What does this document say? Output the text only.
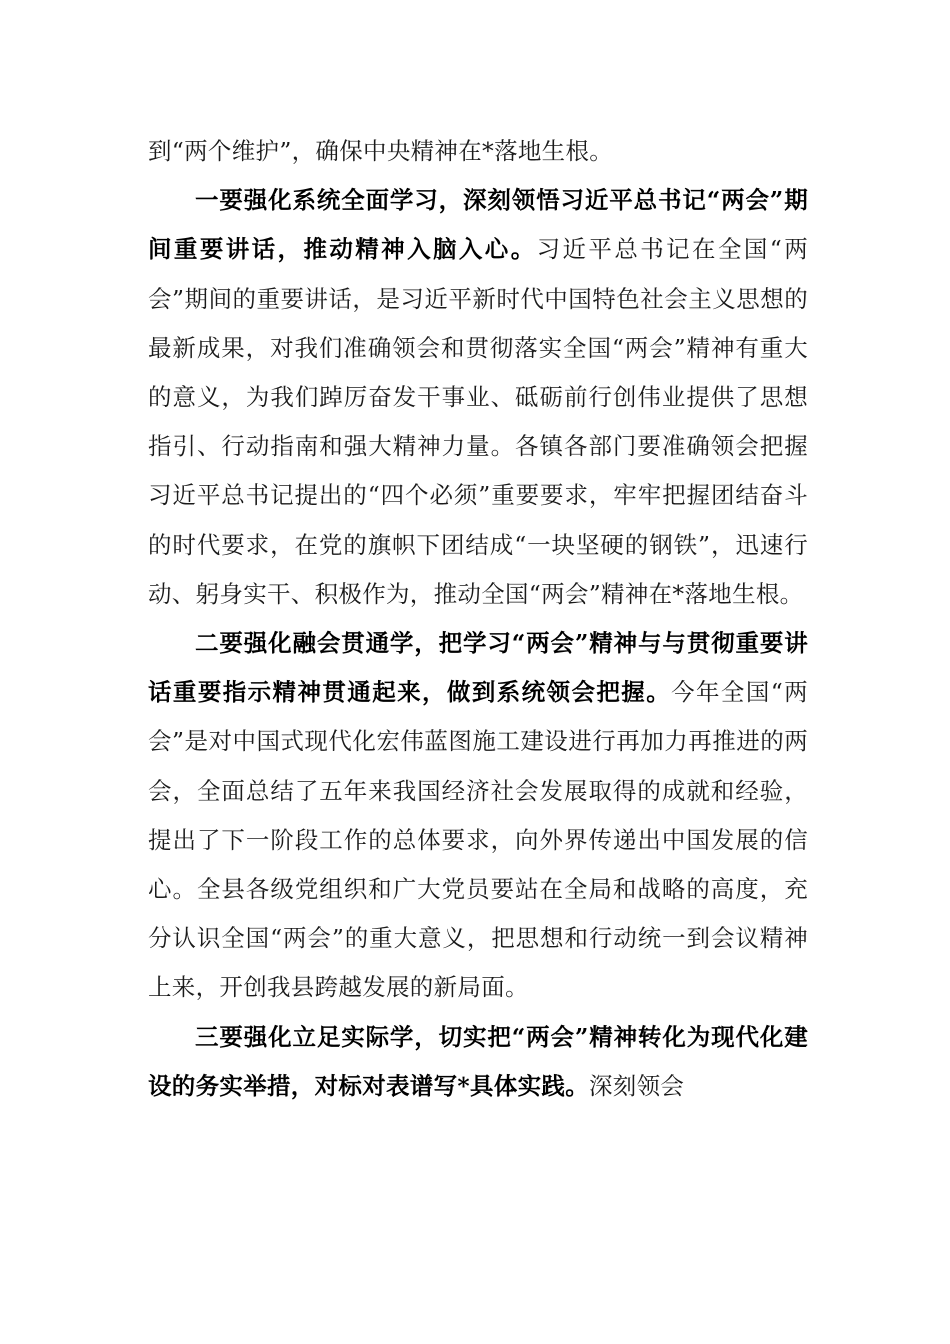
到“两个维护”，确保中央精神在*落地生根。

一要强化系统全面学习，深刻领悟习近平总书记“两会”期间重要讲话，推动精神入脑入心。习近平总书记在全国“两会”期间的重要讲话，是习近平新时代中国特色社会主义思想的最新成果，对我们准确领会和贯彻落实全国“两会”精神有重大的意义，为我们踔厉奋发干事业、砥砺前行创伟业提供了思想指引、行动指南和强大精神力量。各镇各部门要准确领会把握习近平总书记提出的“四个必须”重要要求，牢牢把握团结奋斗的时代要求，在党的旗帜下团结成“一块坚硬的钢铁”，迅速行动、躬身实干、积极作为，推动全国“两会”精神在*落地生根。

二要强化融会贯通学，把学习“两会”精神与与贯彻重要讲话重要指示精神贯通起来，做到系统领会把握。今年全国“两会”是对中国式现代化宏伟蓝图施工建设进行再加力再推进的两会，全面总结了五年来我国经济社会发展取得的成就和经验，提出了下一阶段工作的总体要求，向外界传递出中国发展的信心。全县各级党组织和广大党员要站在全局和战略的高度，充分认识全国“两会”的重大意义，把思想和行动统一到会议精神上来，开创我县跨越发展的新局面。

三要强化立足实际学，切实把“两会”精神转化为现代化建设的务实举措，对标对表谱写*具体实践。深刻领会
